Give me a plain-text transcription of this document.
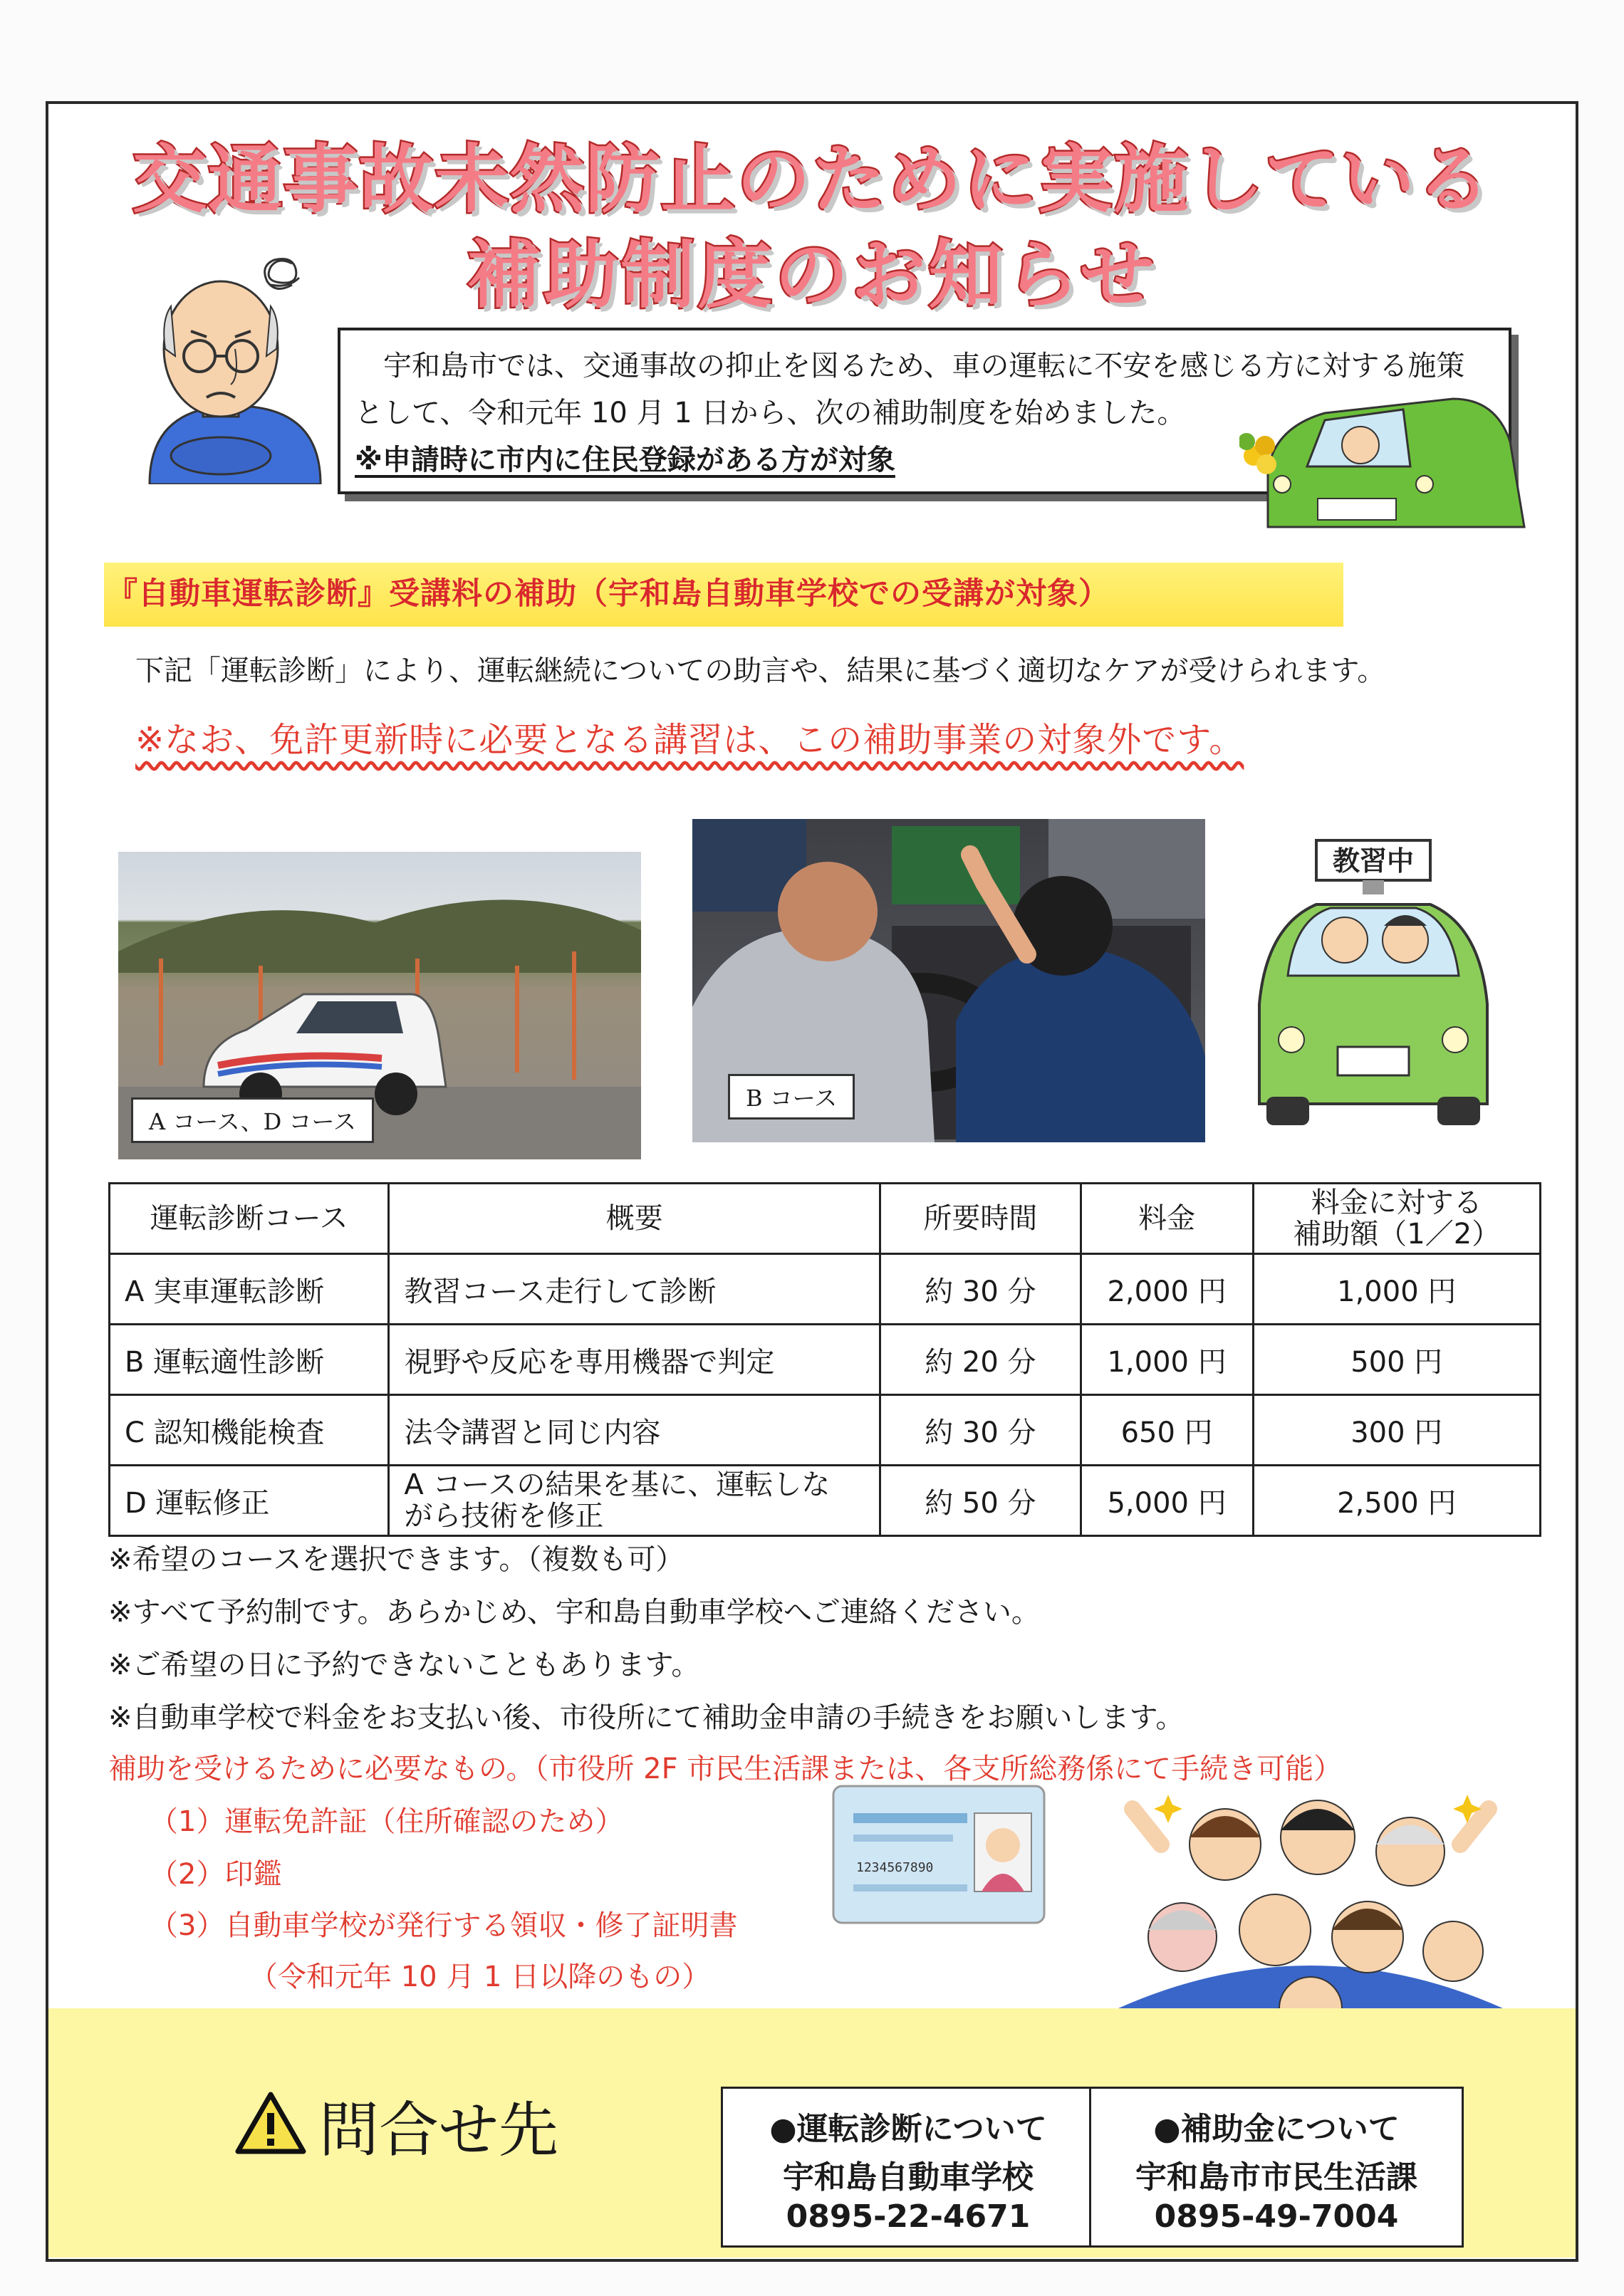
交通事故未然防止のために実施している
補助制度のお知らせ
宇和島市では、交通事故の抑止を図るため、車の運転に不安を感じる方に対する施策
として、令和元年 10 月 1 日から、次の補助制度を始めました。
※申請時に市内に住民登録がある方が対象
『自動車運転診断』受講料の補助（宇和島自動車学校での受講が対象）
下記「運転診断」により、運転継続についての助言や、結果に基づく適切なケアが受けられます。
※なお、免許更新時に必要となる講習は、この補助事業の対象外です。
A コース、D コース
B コース
教習中
運転診断コース	概要	所要時間	料金	料金に対する
補助額（1／2）

A 実車運転診断	教習コース走行して診断	約 30 分	2,000 円	1,000 円
B 運転適性診断	視野や反応を専用機器で判定	約 20 分	1,000 円	500 円
C 認知機能検査	法令講習と同じ内容	約 30 分	650 円	300 円
D 運転修正	A コースの結果を基に、運転しな
がら技術を修正	約 50 分	5,000 円	2,500 円
※希望のコースを選択できます。（複数も可）
※すべて予約制です。あらかじめ、宇和島自動車学校へご連絡ください。
※ご希望の日に予約できないこともあります。
※自動車学校で料金をお支払い後、市役所にて補助金申請の手続きをお願いします。
補助を受けるために必要なもの。（市役所 2F 市民生活課または、各支所総務係にて手続き可能）
（1）運転免許証（住所確認のため）
（2）印鑑
（3）自動車学校が発行する領収・修了証明書
（令和元年 10 月 1 日以降のもの）
1234567890
問合せ先	●運転診断について
宇和島自動車学校
0895-22-4671
●補助金について
宇和島市市民生活課
0895-49-7004
